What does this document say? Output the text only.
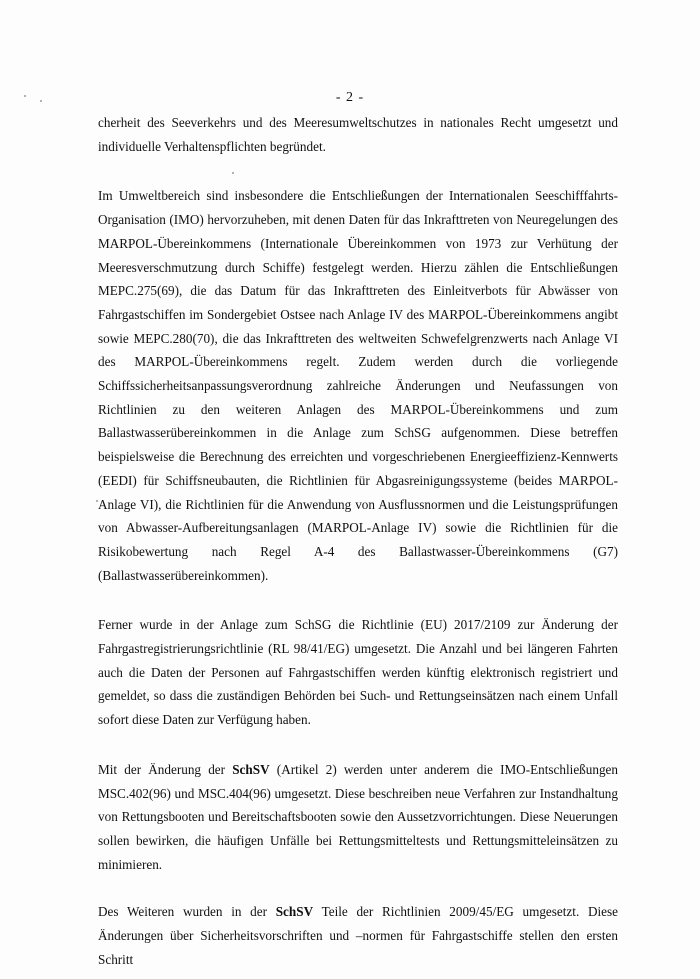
- 2 -

cherheit des Seeverkehrs und des Meeresumweltschutzes in nationales Recht umgesetzt und individuelle Verhaltenspflichten begründet.

Im Umweltbereich sind insbesondere die Entschließungen der Internationalen Seeschifffahrts-Organisation (IMO) hervorzuheben, mit denen Daten für das Inkrafttreten von Neuregelungen des MARPOL-Übereinkommens (Internationale Übereinkommen von 1973 zur Verhütung der Meeresverschmutzung durch Schiffe) festgelegt werden. Hierzu zählen die Entschließungen MEPC.275(69), die das Datum für das Inkrafttreten des Einleitverbots für Abwässer von Fahrgastschiffen im Sondergebiet Ostsee nach Anlage IV des MARPOL-Übereinkommens angibt sowie MEPC.280(70), die das Inkrafttreten des weltweiten Schwefelgrenzwerts nach Anlage VI des MARPOL-Übereinkommens regelt. Zudem werden durch die vorliegende Schiffssicherheitsanpassungsverordnung zahlreiche Änderungen und Neufassungen von Richtlinien zu den weiteren Anlagen des MARPOL-Übereinkommens und zum Ballastwasserübereinkommen in die Anlage zum SchSG aufgenommen. Diese betreffen beispielsweise die Berechnung des erreichten und vorgeschriebenen Energieeffizienz-Kennwerts (EEDI) für Schiffsneubauten, die Richtlinien für Abgasreinigungssysteme (beides MARPOL-Anlage VI), die Richtlinien für die Anwendung von Ausflussnormen und die Leistungsprüfungen von Abwasser-Aufbereitungsanlagen (MARPOL-Anlage IV) sowie die Richtlinien für die Risikobewertung nach Regel A-4 des Ballastwasser-Übereinkommens (G7) (Ballastwasserübereinkommen).

Ferner wurde in der Anlage zum SchSG die Richtlinie (EU) 2017/2109 zur Änderung der Fahrgastregistrierungsrichtlinie (RL 98/41/EG) umgesetzt. Die Anzahl und bei längeren Fahrten auch die Daten der Personen auf Fahrgastschiffen werden künftig elektronisch registriert und gemeldet, so dass die zuständigen Behörden bei Such- und Rettungseinsätzen nach einem Unfall sofort diese Daten zur Verfügung haben.

Mit der Änderung der SchSV (Artikel 2) werden unter anderem die IMO-Entschließungen MSC.402(96) und MSC.404(96) umgesetzt. Diese beschreiben neue Verfahren zur Instandhaltung von Rettungsbooten und Bereitschaftsbooten sowie den Aussetzvorrichtungen. Diese Neuerungen sollen bewirken, die häufigen Unfälle bei Rettungsmitteltests und Rettungsmitteleinsätzen zu minimieren.

Des Weiteren wurden in der SchSV Teile der Richtlinien 2009/45/EG umgesetzt. Diese Änderungen über Sicherheitsvorschriften und –normen für Fahrgastschiffe stellen den ersten Schritt
